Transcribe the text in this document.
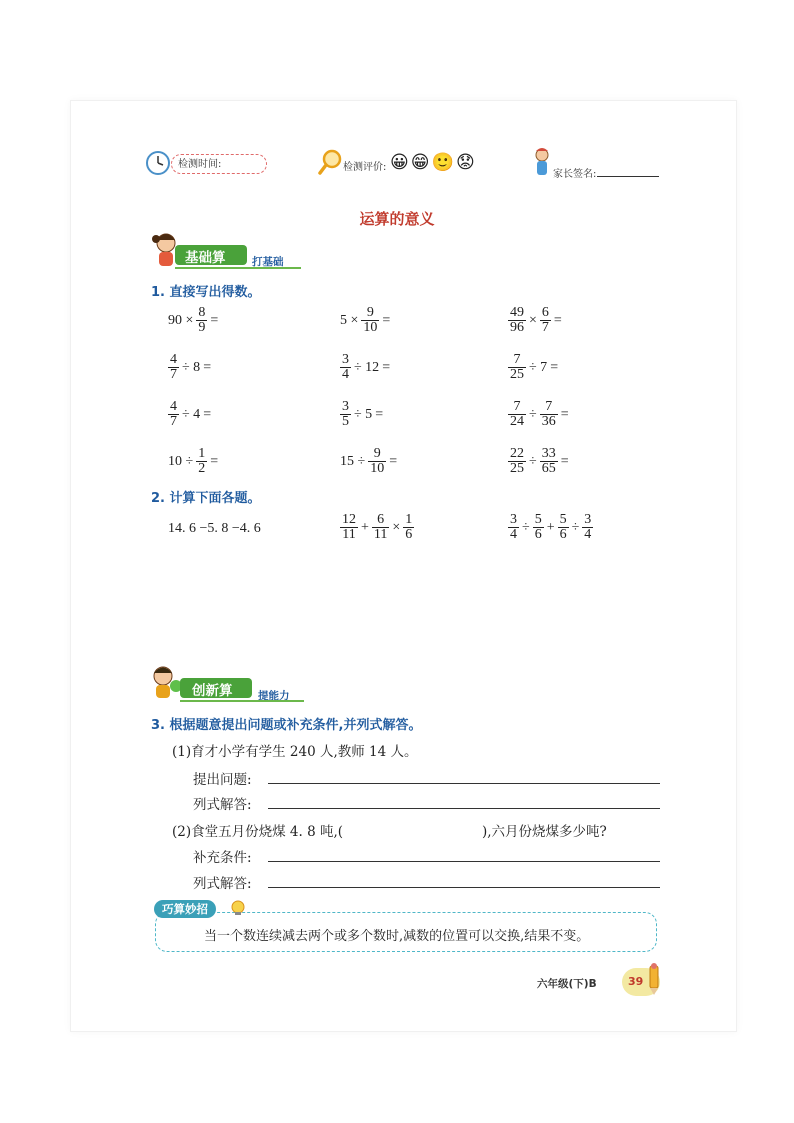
检测时间:	检测评价: 😀😁🙂😟
家长签名:
运算的意义
基础算	打基础
1. 直接写出得数。
$90 \times \frac{8}{9}$ =	$5 \times \frac{9}{10}$ =	$\frac{49}{96} \times \frac{6}{7}$ =
$\frac{4}{7} \div 8$ =	$\frac{3}{4} \div 12$ =	$\frac{7}{25} \div 7$ =
$\frac{4}{7} \div 4$ =	$\frac{3}{5} \div 5$ =	$\frac{7}{24} \div \frac{7}{36}$ =
$10 \div \frac{1}{2}$ =	$15 \div \frac{9}{10}$ =	$\frac{22}{25} \div \frac{33}{65}$ =
2. 计算下面各题。
14. 6 −5. 8 −4. 6	$\frac{12}{11} + \frac{6}{11} \times \frac{1}{6}$	$\frac{3}{4} \div \frac{5}{6} + \frac{5}{6} \div \frac{3}{4}$
创新算 提能力
3. 根据题意提出问题或补充条件,并列式解答。
(1)育才小学有学生 240 人,教师 14 人。
提出问题:
列式解答:
(2)食堂五月份烧煤 4. 8 吨,(	),六月份烧煤多少吨?
补充条件:
列式解答:
巧算妙招
当一个数连续减去两个或多个数时,减数的位置可以交换,结果不变。
六年级(下)B	39
